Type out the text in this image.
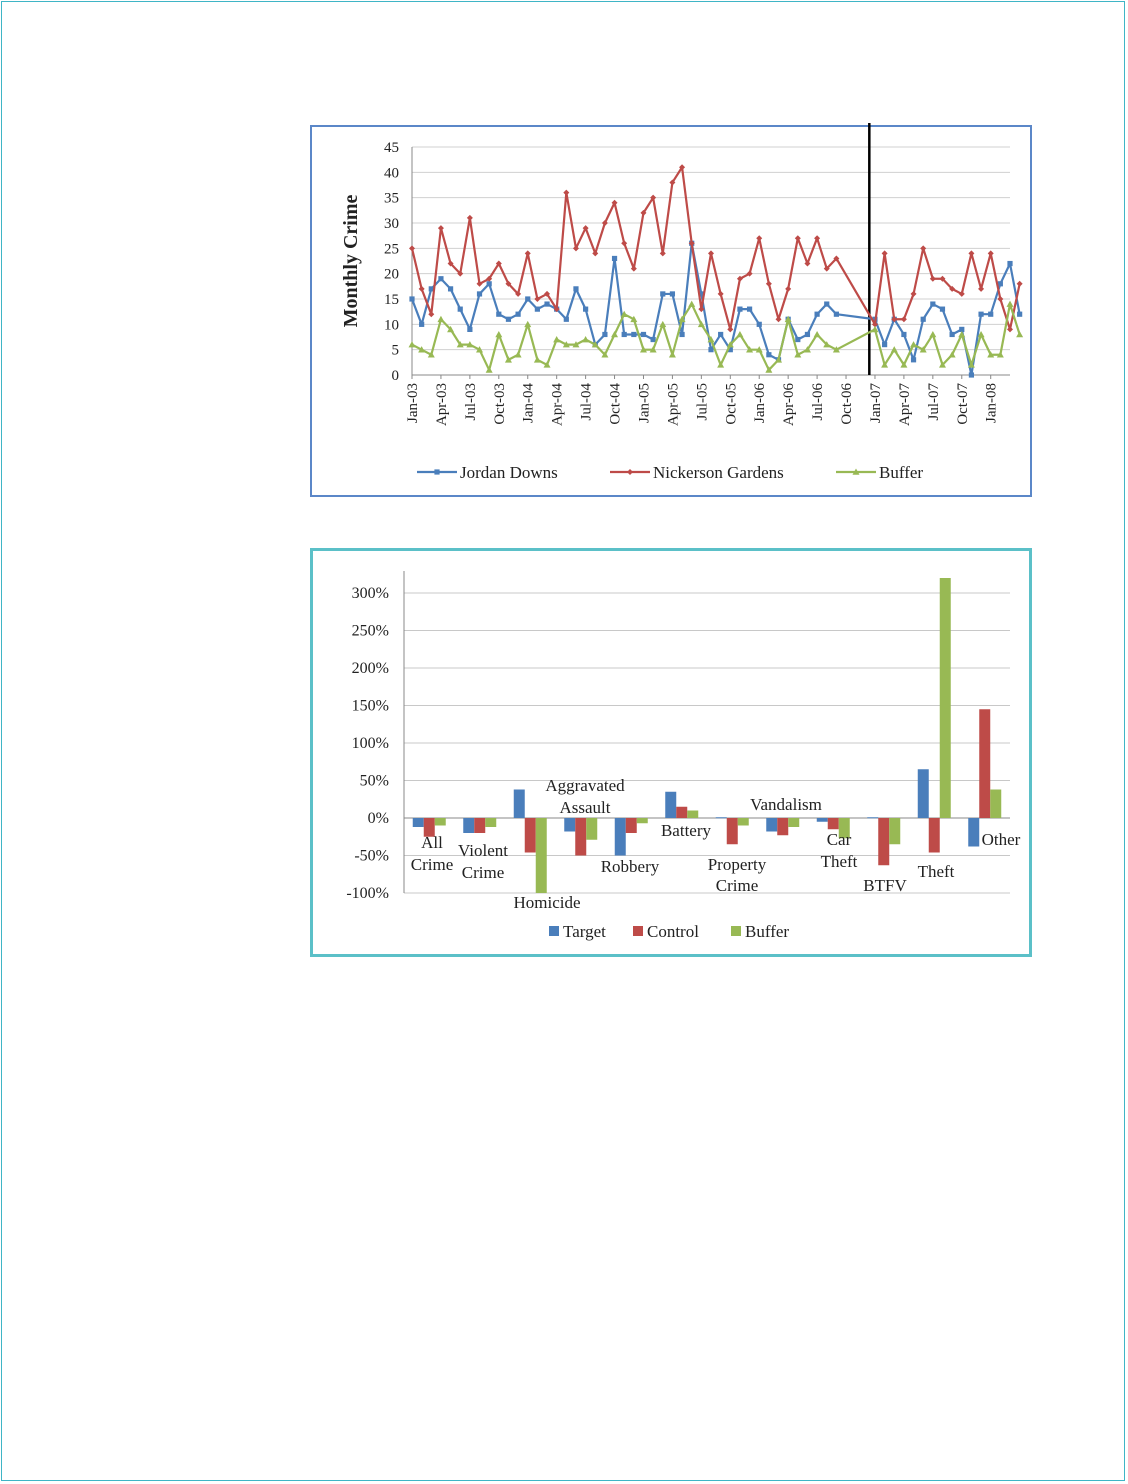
0
5
10
15
20
25
30
35
40
45
Monthly Crime
Jan-03 Apr-03 Jul-03 Oct-03 Jan-04 Apr-04 Jul-04 Oct-04 Jan-05 Apr-05 Jul-05 Oct-05 Jan-06 Apr-06 Jul-06 Oct-06 Jan-07 Apr-07 Jul-07 Oct-07 Jan-08
Jordan Downs	Nickerson Gardens	Buffer
300%
250%
200%
150%
100%
50%
0%
-50%
-100%
All
Crime
Violent
Crime
Homicide
Aggravated
Assault
Robbery
Battery
Property
Crime
Vandalism
Car
Theft
BTFV
Theft
Other
Target Control	Buffer
